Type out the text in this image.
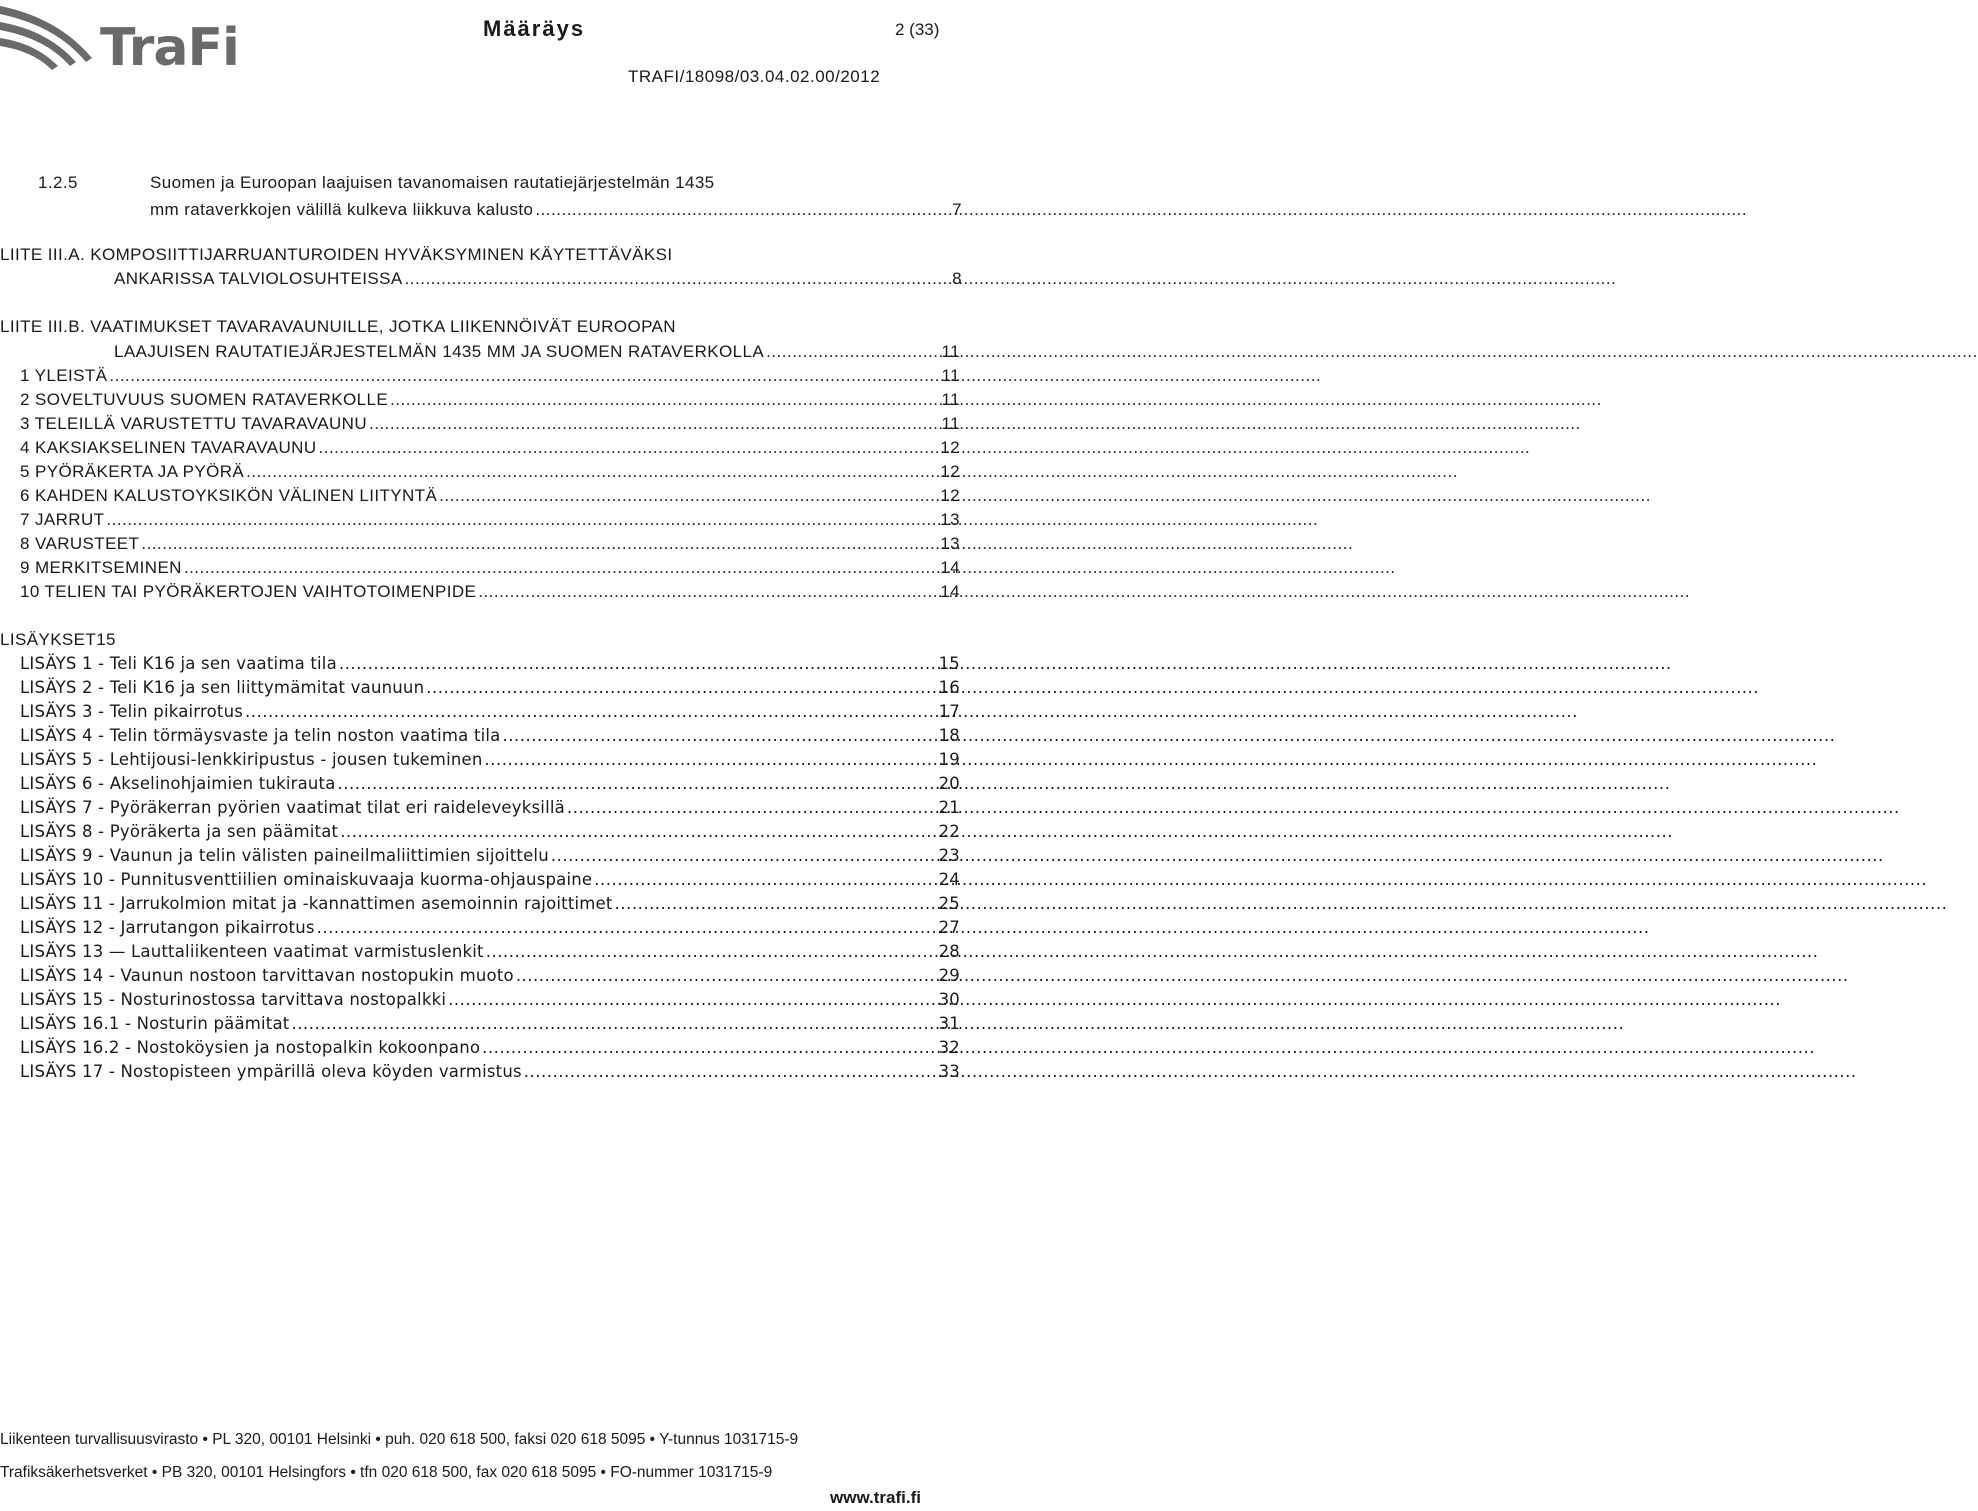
TraFi	Määräys	2 (33)
TRAFI/18098/03.04.02.00/2012
1.2.5	Suomen ja Euroopan laajuisen tavanomaisen rautatiejärjestelmän 1435
mm rataverkkojen välillä kulkeva liikkuva kalusto .....	7
LIITE III.A. KOMPOSIITTIJARRUANTUROIDEN HYVÄKSYMINEN KÄYTETTÄVÄKSI
ANKARISSA TALVIOLOSUHTEISSA .....	8
LIITE III.B. VAATIMUKSET TAVARAVAUNUILLE, JOTKA LIIKENNÖIVÄT EUROOPAN
LAAJUISEN RAUTATIEJÄRJESTELMÄN 1435 MM JA SUOMEN RATAVERKOLLA .....	11
1 YLEISTÄ .....	11
2 SOVELTUVUUS SUOMEN RATAVERKOLLE .....	11
3 TELEILLÄ VARUSTETTU TAVARAVAUNU .....	11
4 KAKSIAKSELINEN TAVARAVAUNU .....	12
5 PYÖRÄKERTA JA PYÖRÄ .....	12
6 KAHDEN KALUSTOYKSIKÖN VÄLINEN LIITYNTÄ .....	12
7 JARRUT .....	13
8 VARUSTEET .....	13
9 MERKITSEMINEN .....	14
10 TELIEN TAI PYÖRÄKERTOJEN VAIHTOTOIMENPIDE .....	14
LISÄYKSET15
LISÄYS 1 - Teli K16 ja sen vaatima tila .....	15
LISÄYS 2 - Teli K16 ja sen liittymämitat vaunuun .....	16
LISÄYS 3 - Telin pikairrotus .....	17
LISÄYS 4 - Telin törmäysvaste ja telin noston vaatima tila .....	18
LISÄYS 5 - Lehtijousi-lenkkiripustus - jousen tukeminen .....	19
LISÄYS 6 - Akselinohjaimien tukirauta .....	20
LISÄYS 7 - Pyöräkerran pyörien vaatimat tilat eri raideleveyksillä .....	21
LISÄYS 8 - Pyöräkerta ja sen päämitat .....	22
LISÄYS 9 - Vaunun ja telin välisten paineilmaliittimien sijoittelu .....	23
LISÄYS 10 - Punnitusventtiilien ominaiskuvaaja kuorma-ohjauspaine .....	24
LISÄYS 11 - Jarrukolmion mitat ja -kannattimen asemoinnin rajoittimet .....	25
LISÄYS 12 - Jarrutangon pikairrotus .....	27
LISÄYS 13 — Lauttaliikenteen vaatimat varmistuslenkit .....	28
LISÄYS 14 - Vaunun nostoon tarvittavan nostopukin muoto .....	29
LISÄYS 15 - Nosturinostossa tarvittava nostopalkki .....	30
LISÄYS 16.1 - Nosturin päämitat .....	31
LISÄYS 16.2 - Nostoköysien ja nostopalkin kokoonpano .....	32
LISÄYS 17 - Nostopisteen ympärillä oleva köyden varmistus .....	33
Liikenteen turvallisuusvirasto • PL 320, 00101 Helsinki • puh. 020 618 500, faksi 020 618 5095 • Y-tunnus 1031715-9
Trafiksäkerhetsverket • PB 320, 00101 Helsingfors • tfn 020 618 500, fax 020 618 5095 • FO-nummer 1031715-9
www.trafi.fi
